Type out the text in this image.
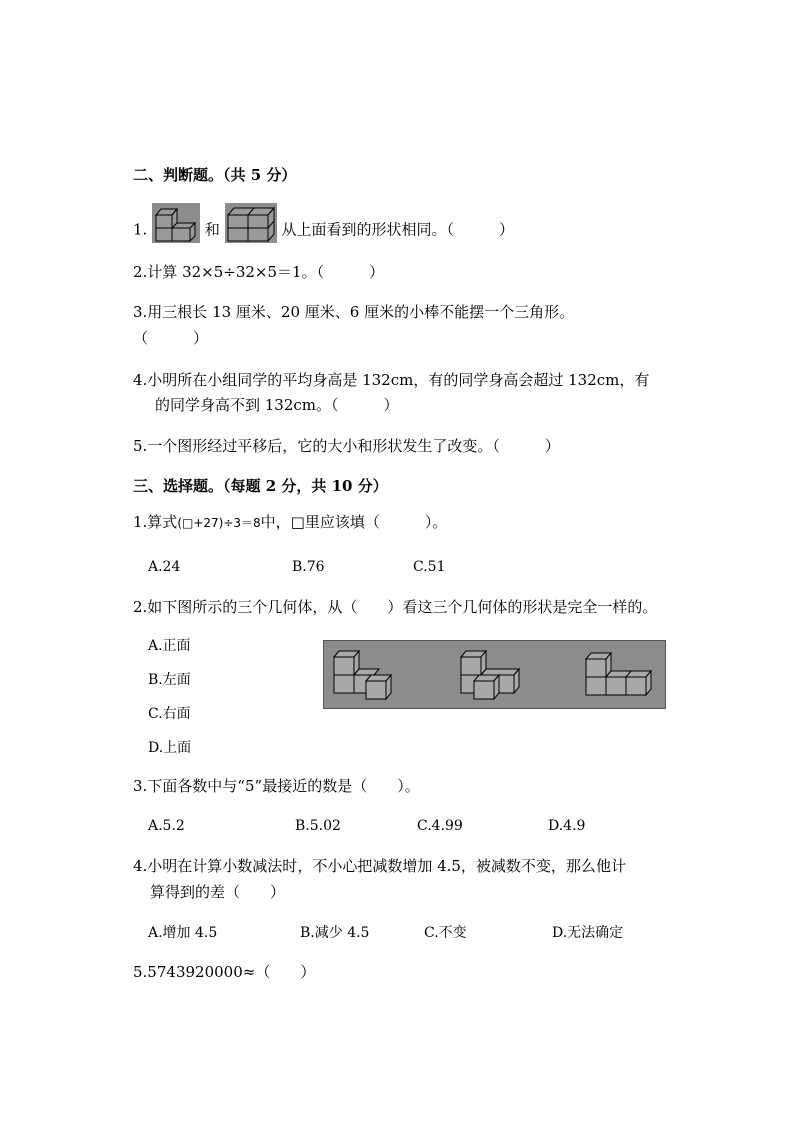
二、判断题。（共 5 分）
1.	和	从上面看到的形状相同。（　　　）
2.计算 32×5÷32×5＝1。（　　　）
3.用三根长 13 厘米、20 厘米、6 厘米的小棒不能摆一个三角形。
（　　　）
4.小明所在小组同学的平均身高是 132cm，有的同学身高会超过 132cm，有
的同学身高不到 132cm。（　　　）
5.一个图形经过平移后，它的大小和形状发生了改变。（　　　）
三、选择题。（每题 2 分，共 10 分）
1.算式(□+27)÷3＝8中，□里应该填（　　　）。
A.24	B.76	C.51
2.如下图所示的三个几何体，从（　　）看这三个几何体的形状是完全一样的。
A.正面
B.左面
C.右面
D.上面
3.下面各数中与“5”最接近的数是（　　）。
A.5.2	B.5.02	C.4.99	D.4.9
4.小明在计算小数减法时，不小心把减数增加 4.5，被减数不变，那么他计
算得到的差（　　）
A.增加 4.5	B.减少 4.5	C.不变	D.无法确定
5.5743920000≈（　　）
